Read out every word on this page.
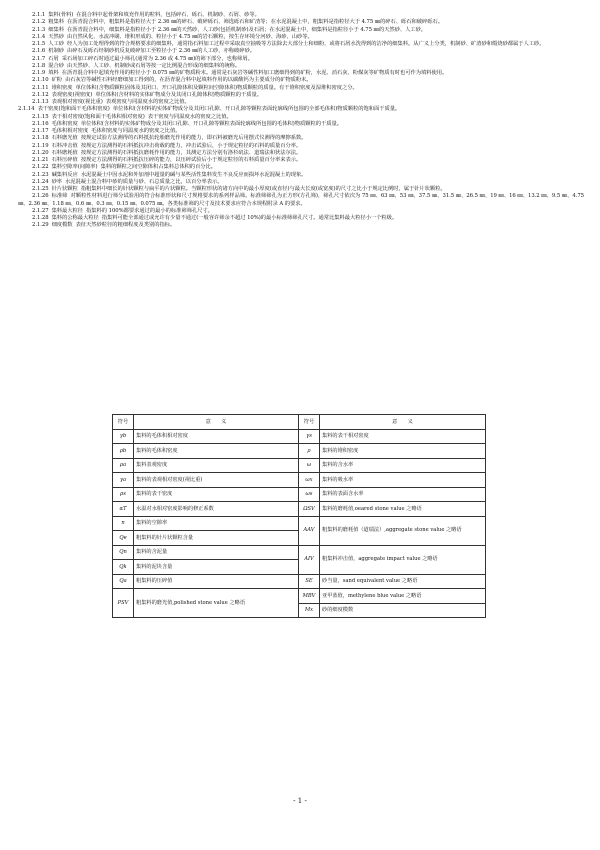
2.1.1 集料(骨料) 在混合料中起骨架和填充作用的粒料，包括碎石、砾石、机制砂、石屑、砂等。

2.1.2 粗集料 在沥青混合料中，粗集料是指粒径大于 2.36 ㎜的碎石、破碎砾石、筛选砾石和矿渣等；在水泥混凝土中，粗集料是指粒径大于 4.75 ㎜的碎石、砾石和破碎砾石。

2.1.3 细集料 在沥青混合料中，细集料是指粒径小于 2.36 ㎜的天然砂、人工砂(包括机制砂)及石屑；在水泥混凝土中，细集料是指粒径小于 4.75 ㎜的天然砂、人工砂。

2.1.4 天然砂 由自然风化、水流冲刷、堆积形成的、粒径小于 4.75 ㎜的岩石颗粒，按生存环境分河砂、海砂、山砂等。

2.1.5 人工砂 经人为加工处理得到的符合规格要求的细集料，通常指石料加工过程中采取真空抽吸等方法除去大部分土和细粉，或将石屑水洗得到的洁净的细集料。从广义上分类，机制砂、矿渣砂和煅烧砂都属于人工砂。

2.1.6 机制砂 由碎石及砾石经制砂机反复破碎加工至粒径小于 2.36 ㎜的人工砂，亦称破碎砂。

2.1.7 石屑 采石场加工碎石时通过最小筛孔(通常为 2.36 或 4.75 ㎜)的筛下部分，也称筛屑。

2.1.8 混合砂 由天然砂、人工砂、机制砂或石屑等按一定比例混合形成的细集料的统称。

2.1.9 填料 在沥青混合料中起填充作用的粒径小于 0.075 ㎜的矿物质粉末。通常是石灰岩等碱性料加工磨细得到的矿粉，水泥、消石灰、粉煤灰等矿物质有时也可作为填料使用。

2.1.10 矿粉 由石灰岩等碱性石料经磨细加工得到的，在沥青混合料中起填料作用的以碳酸钙为主要成分的矿物质粉末。

2.1.11 堆积密度 单位体积(含物质颗粒固体及其闭口、开口孔隙体积及颗粒间空隙体积)物质颗粒的质量。有干堆积密度及湿堆积密度之分。

2.1.12 表观密度(视密度) 单位体积(含材料的实体矿物成分及其闭口孔隙体积)物质颗粒的干质量。

2.1.13 表观相对密度(视比重) 表观密度与同温度水的密度之比值。

2.1.14 表干密度(饱和面干毛体积密度) 单位体积(含材料的实体矿物成分及其闭口孔隙、开口孔隙等颗粒表面轮廓线所包围的全部毛体积)物质颗粒的饱和面干质量。

2.1.15 表干相对密度(饱和面干毛体积相对密度) 表干密度与同温度水的密度之比值。

2.1.16 毛体积密度 单位体积(含材料的实体矿物成分及其闭口孔隙、开口孔隙等颗粒表面轮廓线所包围的毛体积)物质颗粒的干质量。

2.1.17 毛体积相对密度 毛体积密度与同温度水的密度之比值。

2.1.18 石料磨光值 按规定试验方法测得的石料抵抗轮胎磨光作用的能力，即石料被磨光后用摆式仪测得的摩擦系数。

2.1.19 石料冲击值 按规定方法测得的石料抵抗冲击荷载的能力，冲击试验后，小于规定粒径的石料的质量百分率。

2.1.20 石料磨耗值 按规定方法测得的石料抵抗磨耗作用的能力，其测定方法分别有洛杉矶法、道瑞法和狄法尔法。

2.1.21 石料压碎值 按规定方法测得的石料抵抗压碎的能力，以压碎试验后小于规定粒径的石料质量百分率来表示。

2.1.22 集料空隙率(间隙率) 集料的颗粒之间空隙体积占集料总体积的百分比。

2.1.23 碱集料反应 水泥混凝土中因水泥和外加剂中超量的碱与某些活性集料发生不良反应而损坏水泥混凝土的现象。

2.1.24 砂率 水泥混凝土混合料中砂的质量与砂、石总质量之比，以百分率表示。

2.1.25 针片状颗粒 指粗集料中细长的针状颗粒与扁平的片状颗粒。当颗粒形状的诸方向中的最小厚度(或直径)与最大长度(或宽度)的尺寸之比小于规定比例时，属于针片状颗粒。

2.1.26 标准筛 对颗粒性材料进行筛分试验用的符合标准形状和尺寸规格要求的系列样品筛。标准筛筛孔为正方形(方孔筛)，筛孔尺寸依次为 75 ㎜、63 ㎜、53 ㎜、37.5 ㎜、31.5 ㎜、26.5 ㎜、19 ㎜、16 ㎜、13.2 ㎜、9.5 ㎜、4.75 ㎜、2.36 ㎜、1.18 ㎜、0.6 ㎜、0.3 ㎜、0.15 ㎜、0.075 ㎜。各类标准筛的尺寸及技术要求应符合本规程附录 A 的要求。

2.1.27 集料最大粒径 指集料的 100%都要求通过的最小的标准筛筛孔尺寸。

2.1.28 集料的公称最大粒径 指集料可能全部通过或允许有少量不通过(一般容许筛余不超过 10%)的最小标准筛筛孔尺寸。通常比集料最大粒径小一个粒级。

2.1.29 细度模数 表征天然砂粒径的粗细程度及类别的指标。

符号	意　　义	符号	意　　义
γb	集料的毛体积相对密度	γs	集料的表干相对密度
ρb	集料的毛体积密度	ρ	集料的堆积密度
ρa	集料表观密度	ω	集料的含水率
γa	集料的表观相对密度(视比重)	ωx	集料的吸水率
ρs	集料的表干密度	ωs	集料的表面含水率
αT	水温对水相对密度影响的修正系数	ΩSV	集料的磨耗值,oeared stone value 之略语
n	集料的空隙率	AAV	粗集料的磨耗值（道瑞法）,aggregate stone value 之略语
Qe	粗集料的针片状颗粒含量		
Qn	集料的含泥量	AIV	粗集料冲击值，aggregate impact value 之略语
Qk	集料的泥块含量		
Qa	粗集料的压碎值	SE	砂当量，sand equivalent value 之略语
PSV	粗集料的磨光值,polished stone value 之略语	MBV	亚甲蓝值，methylene blue value 之略语
		Mx	砂的细度模数
- 1 -
